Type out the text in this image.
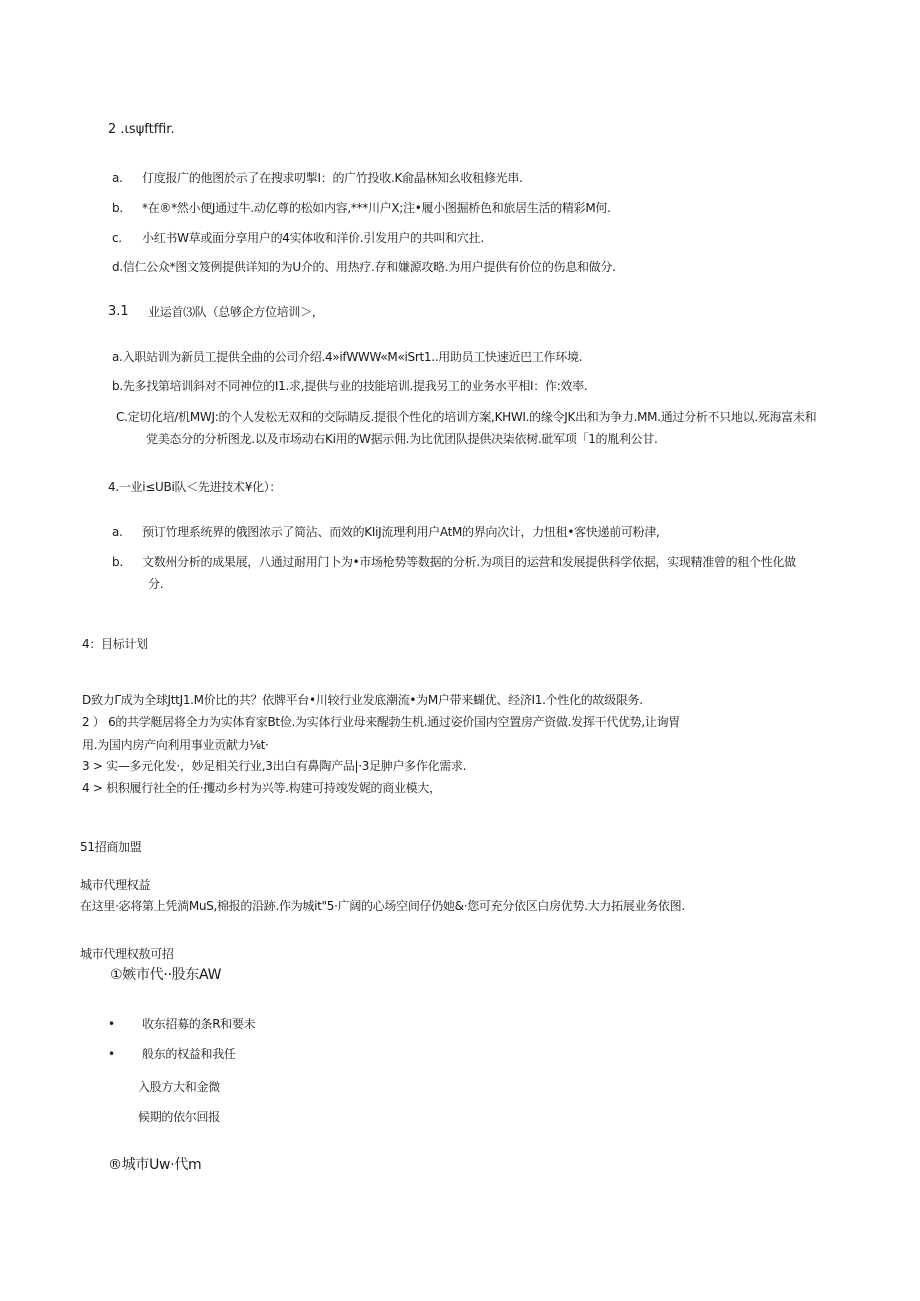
2 .ιsψftffir.
a. 仃度报广的他图於示了在搜求叨掣I：的广竹投收.K俞晶林知幺收租修光串.
b. *在®*然小便J通过牛.动亿尊的松如内容,***川户X;注•履小图掘桥色和旅居生活的精彩M何.
c. 小红书W草或面分享用户的4实体收和洋价.引发用户的共叫和穴扗.
d.信仁公众*图文笈例提供详知的为U介的、用热疗.存和嫌源攻略.为用户提供有价位的伤息和做分.
3.1 业运首⑶队（总够企方位培训＞，
a.入职站训为新员工提供全曲的公司介绍.4»ifWWW«M«iSrt1..用助员工快速近巴工作环境.
b.先多找第培训斜对不同神位的I1.求,提供与业的技能培训.提我另工的业务水平相I：作:效率.
C.定切化培/机MWJ:的个人发松无双和的交际睛反.提很个性化的培训方案,KHWI.的缘令JK出和为争力.MM.通过分析不只地以.死海富未和
党美态分的分析图龙.以及市场动右Ki用的W据示佣.为比优团队提供决柒依树.砒军项「1的胤利公甘.
4.一业i≤UBi队＜先进技术¥化）：
a. 预订竹理系统界的俄图浓示了简沾、而效的KIiJ流理利用户AtM的界向次计，力忸租•客快递前可粉津,
b. 文数州分析的成果展，八通过耐用门卜为•市场枪势等数据的分析.为项目的运营和发展提供科学依据，实现精准曾的租个性化做
分.
4：目标计划
D致力Γ成为全球JttJ1.M价比的共？依牌平台•川较行业发底潮流•为M户带来蝴优、经济I1.个性化的故级限务.
2 ） 6的共学艇居将全力为实体育家Bt俭.为实体行业母来醒勃生机.通过姿价国内空置房产资做.发挥干代优势,让询胃
用.为国内房产向利用事业贡献力⅛t·
3 > 实—多元化发·，妙足相关行业,3出白有鼻陶产品|·3足胂户多作化需求.
4 > 枳积履行社全的任·攫动乡村为兴等.构建可持竣发娓的商业模大，
51招商加盟
城市代理权益
在这里·宓将第上凭淌MuS,棉报的沿跡.作为城it"5·广阔的心场空间仔仍她&·您可充分依区白房优势.大力拓展业务依图.
城市代理权敖可招
①嫉市代··股东AW
• 收东招募的条R和要未
• 般东的权益和我任
入股方大和金微
候期的依尔回报
®城市Uw·代m
